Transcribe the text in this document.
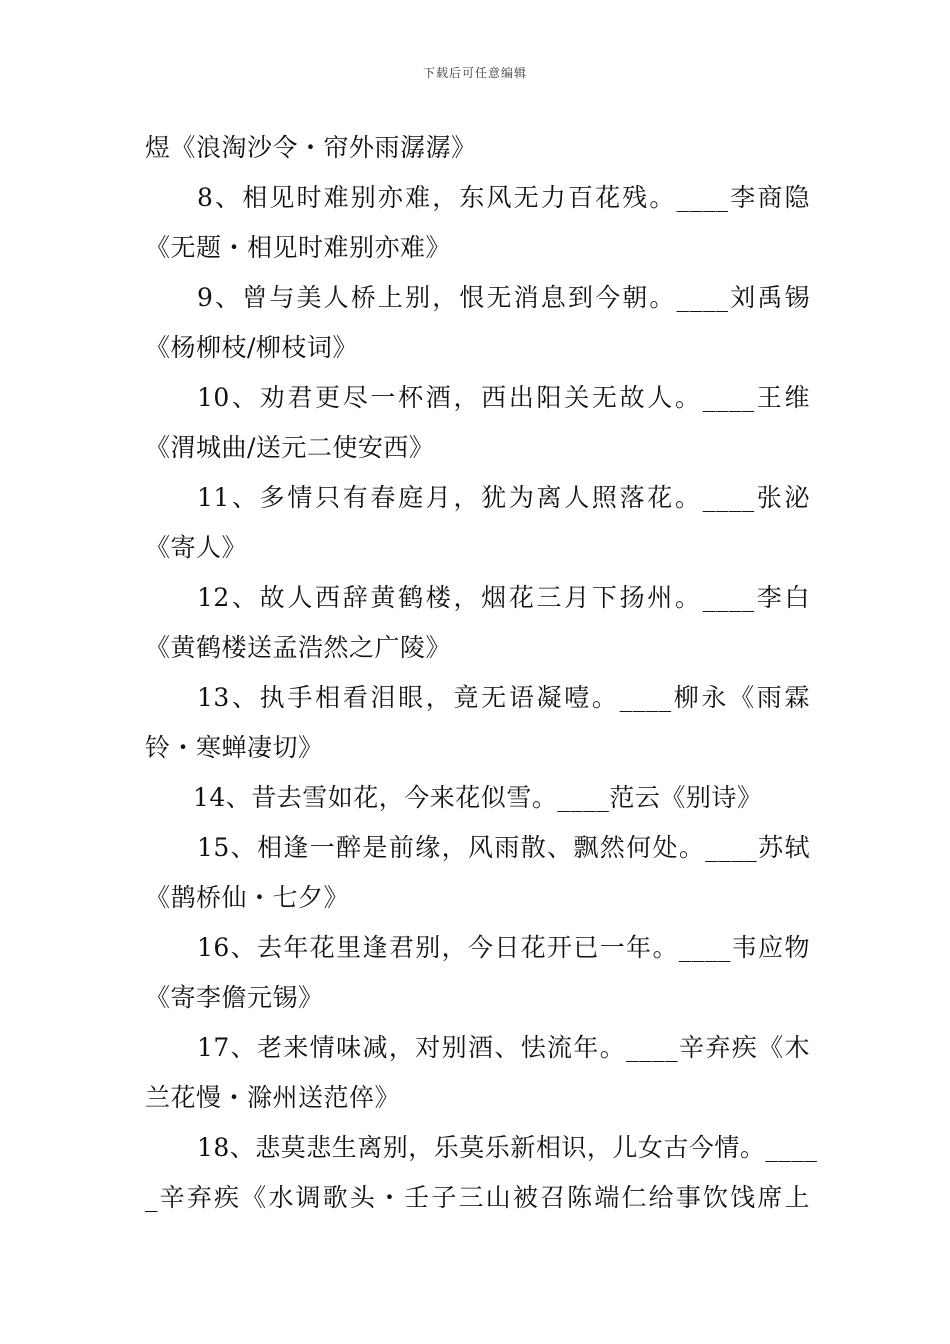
下载后可任意编辑
煜《浪淘沙令・帘外雨潺潺》
8、相见时难别亦难，东风无力百花残。____李商隐
《无题・相见时难别亦难》
9、曾与美人桥上别，恨无消息到今朝。____刘禹锡
《杨柳枝/柳枝词》
10、劝君更尽一杯酒，西出阳关无故人。____王维
《渭城曲/送元二使安西》
11、多情只有春庭月，犹为离人照落花。____张泌
《寄人》
12、故人西辞黄鹤楼，烟花三月下扬州。____李白
《黄鹤楼送孟浩然之广陵》
13、执手相看泪眼，竟无语凝噎。____柳永《雨霖
铃・寒蝉凄切》
14、昔去雪如花，今来花似雪。____范云《别诗》
15、相逢一醉是前缘，风雨散、飘然何处。____苏轼
《鹊桥仙・七夕》
16、去年花里逢君别，今日花开已一年。____韦应物
《寄李儋元锡》
17、老来情味减，对别酒、怯流年。____辛弃疾《木
兰花慢・滁州送范倅》
18、悲莫悲生离别，乐莫乐新相识，儿女古今情。____
_辛弃疾《水调歌头・壬子三山被召陈端仁给事饮饯席上
